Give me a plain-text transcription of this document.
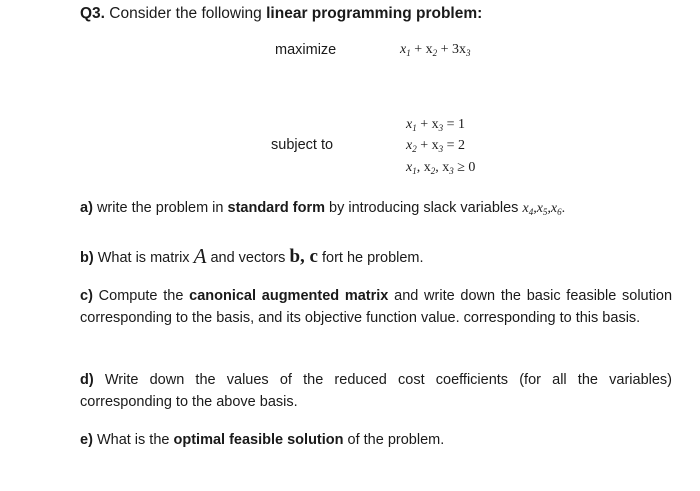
Q3. Consider the following linear programming problem:
maximize	$x_1 + x_2 + 3x_3$
$x_1 + x_3 = 1$
subject to	$x_2 + x_3 = 2$
$x_1$, $x_2$, $x_3 \ge 0$
a) write the problem in standard form by introducing slack variables $x_4,x_5,x_6$.
b) What is matrix A and vectors b, c fort he problem.
c) Compute the canonical augmented matrix and write down the basic feasible solution corresponding to the basis, and its objective function value. corresponding to this basis.
d) Write down the values of the reduced cost coefficients (for all the variables) corresponding to the above basis.
e) What is the optimal feasible solution of the problem.
